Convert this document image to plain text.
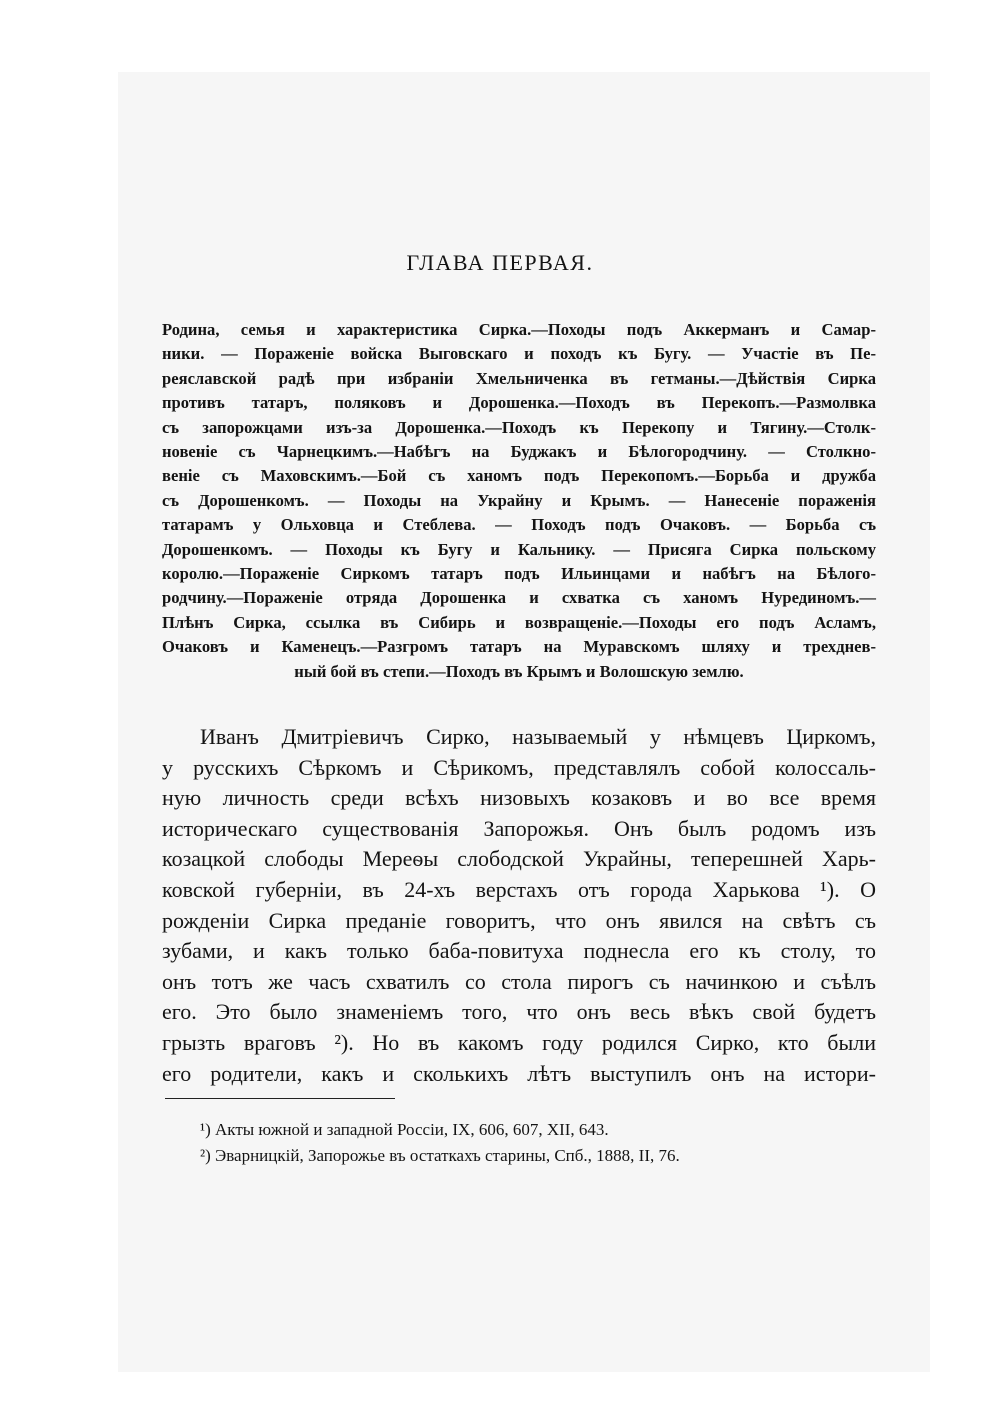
ГЛАВА ПЕРВАЯ.
Родина, семья и характеристика Сирка.—Походы подъ Аккерманъ и Самар-
ники. — Пораженіе войска Выговскаго и походъ къ Бугу. — Участіе въ Пе-
реяславской радѣ при избраніи Хмельниченка въ гетманы.—Дѣйствія Сирка
противъ татаръ, поляковъ и Дорошенка.—Походъ въ Перекопъ.—Размолвка
съ запорожцами изъ-за Дорошенка.—Походъ къ Перекопу и Тягину.—Столк-
новеніе съ Чарнецкимъ.—Набѣгъ на Буджакъ и Бѣлогородчину. — Столкно-
веніе съ Маховскимъ.—Бой съ ханомъ подъ Перекопомъ.—Борьба и дружба
съ Дорошенкомъ. — Походы на Украйну и Крымъ. — Нанесеніе пораженія
татарамъ у Ольховца и Стеблева. — Походъ подъ Очаковъ. — Борьба съ
Дорошенкомъ. — Походы къ Бугу и Кальнику. — Присяга Сирка польскому
королю.—Пораженіе Сиркомъ татаръ подъ Ильинцами и набѣгъ на Бѣлого-
родчину.—Пораженіе отряда Дорошенка и схватка съ ханомъ Нурединомъ.—
Плѣнъ Сирка, ссылка въ Сибирь и возвращеніе.—Походы его подъ Асламъ,
Очаковъ и Каменецъ.—Разгромъ татаръ на Муравскомъ шляху и трехднев-
ный бой въ степи.—Походъ въ Крымъ и Волошскую землю.
Иванъ Дмитріевичъ Сирко, называемый у нѣмцевъ Циркомъ,
у русскихъ Сѣркомъ и Сѣрикомъ, представлялъ собой колоссаль-
ную личность среди всѣхъ низовыхъ козаковъ и во все время
историческаго существованія Запорожья. Онъ былъ родомъ изъ
козацкой слободы Мереѳы слободской Украйны, теперешней Харь-
ковской губерніи, въ 24-хъ верстахъ отъ города Харькова ¹). О
рожденіи Сирка преданіе говоритъ, что онъ явился на свѣтъ съ
зубами, и какъ только баба-повитуха поднесла его къ столу, то
онъ тотъ же часъ схватилъ со стола пирогъ съ начинкою и съѣлъ
его. Это было знаменіемъ того, что онъ весь вѣкъ свой будетъ
грызть враговъ ²). Но въ какомъ году родился Сирко, кто были
его родители, какъ и сколькихъ лѣтъ выступилъ онъ на истори-
¹) Акты южной и западной Россіи, IX, 606, 607, XII, 643.
²) Эварницкій, Запорожье въ остаткахъ старины, Спб., 1888, II, 76.
